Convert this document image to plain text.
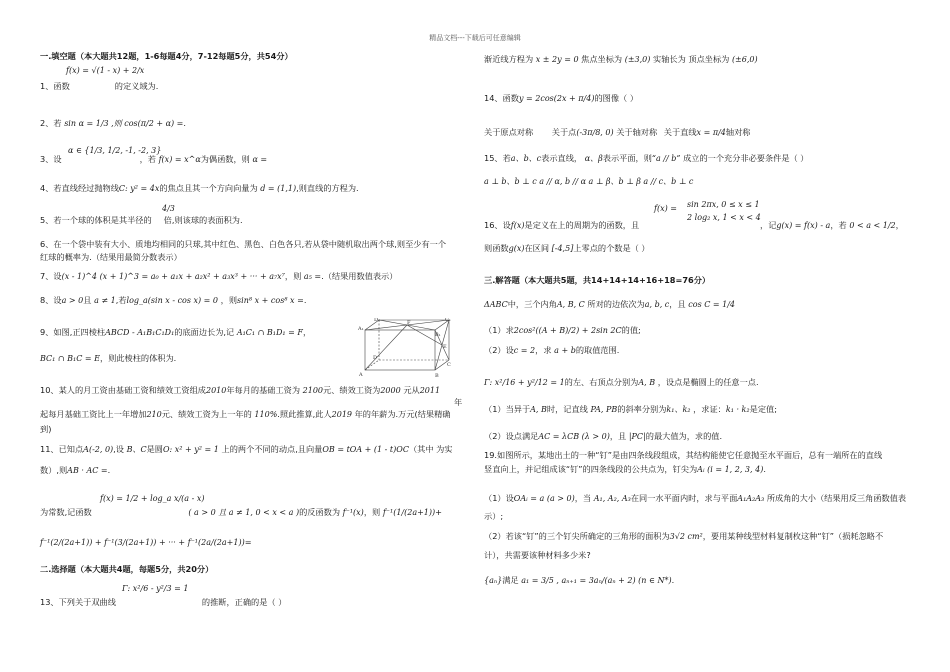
精品文档---下载后可任意编辑
一.填空题（本大题共12题，1-6每题4分，7-12每题5分，共54分）
f(x) = √(1 - x) + 2/x
1、函数	的定义域为.
2、若 sin α = 1/3 ,则 cos(π/2 + α) =.
α ∈ {1/3, 1/2, -1, -2, 3}
3、设	，若 f(x) = x^α为偶函数，则 α =
4、若直线经过抛物线C: y² = 4x的焦点且其一个方向向量为 d = (1,1),则直线的方程为.
4/3
5、若一个球的体积是其半径的 倍,则该球的表面积为.
6、在一个袋中装有大小、质地均相同的只球,其中红色、黑色、白色各只,若从袋中随机取出两个球,则至少有一个
红球的概率为.（结果用最简分数表示）
7、设(x - 1)^4 (x + 1)^3 = a₀ + a₁x + a₂x² + a₃x³ + ··· + a₇x⁷，则 a₅ =.（结果用数值表示）
8、设a > 0且 a ≠ 1,若log_a(sin x - cos x) = 0 ，则sin⁸ x + cos⁸ x =.
9、如图,正四棱柱ABCD - A₁B₁C₁D₁的底面边长为,记 A₁C₁ ∩ B₁D₁ = F，
BC₁ ∩ B₁C = E，则此棱柱的体积为.
D₁	C₁
A₁
B₁
F
D
C
A	B
E
10、某人的月工资由基础工资和绩效工资组成2010年每月的基础工资为 2100元、绩效工资为2000 元从2011
年
起每月基础工资比上一年增加210元、绩效工资为上一年的 110%.照此推算,此人2019 年的年薪为.万元(结果精确
到)
11、已知点A(-2, 0),设 B、C是圆O: x² + y² = 1 上的两个不同的动点,且向量OB = tOA + (1 - t)OC（其中 为实
数）,则AB · AC =.
f(x) = 1/2 + log_a x/(a - x)
为常数,记函数	( a > 0 且 a ≠ 1, 0 < x < a )的反函数为 f⁻¹(x)，则 f⁻¹(1/(2a+1))+
f⁻¹(2/(2a+1)) + f⁻¹(3/(2a+1)) + ··· + f⁻¹(2a/(2a+1))=
二.选择题（本大题共4题，每题5分，共20分）
Γ: x²/6 - y²/3 = 1
13、下列关于双曲线	的推断，正确的是（ ）
渐近线方程为 x ± 2y = 0 焦点坐标为 (±3,0) 实轴长为 顶点坐标为 (±6,0)
14、函数y = 2cos(2x + π/4)的图像（ ）
关于原点对称 关于点(-3π/8, 0) 关于轴对称 关于直线x = π/4轴对称
15、若a、b、c表示直线， α、β表示平面，则“a // b” 成立的一个充分非必要条件是（ ）
a ⊥ b、b ⊥ c a // α, b // α a ⊥ β、b ⊥ β a // c、b ⊥ c
f(x) = sin 2πx, 0 ≤ x ≤ 1
2 log₂ x, 1 < x < 4
16、设f(x)是定义在上的周期为的函数，且	，记g(x) = f(x) - a，若 0 < a < 1/2，
则函数g(x)在区间 [-4,5]上零点的个数是（ ）
三.解答题（本大题共5题，共14+14+14+16+18=76分）
ΔABC中，三个内角A, B, C 所对的边依次为a, b, c，且 cos C = 1/4
（1）求2cos²((A + B)/2) + 2sin 2C的值;
（2）设c = 2，求 a + b的取值范围.
Γ: x²/16 + y²/12 = 1的左、右顶点分别为A, B ，设点是椭圆上的任意一点.
（1）当异于A, B时，记直线 PA, PB的斜率分别为k₁、k₂ ，求证：k₁ · k₂是定值;
（2）设点满足AC = λCB (λ > 0)，且 |PC|的最大值为，求的值.
19.如图所示，某地出土的一种“钉”是由四条线段组成，其结构能使它任意抛至水平面后，总有一端所在的直线
竖直向上，并记组成该“钉”的四条线段的公共点为，钉尖为Aᵢ (i = 1, 2, 3, 4).
（1）设OAᵢ = a (a > 0)，当 A₁, A₂, A₃在同一水平面内时，求与平面A₁A₂A₃ 所成角的大小（结果用反三角函数值表
示）;
（2）若该“钉”的三个钉尖所确定的三角形的面积为3√2 cm²，要用某种线型材料复制枚这种“钉”（损耗忽略不
计），共需要该种材料多少米?
{aₙ}满足 a₁ = 3/5 , aₙ₊₁ = 3aₙ/(aₙ + 2) (n ∈ N*).
